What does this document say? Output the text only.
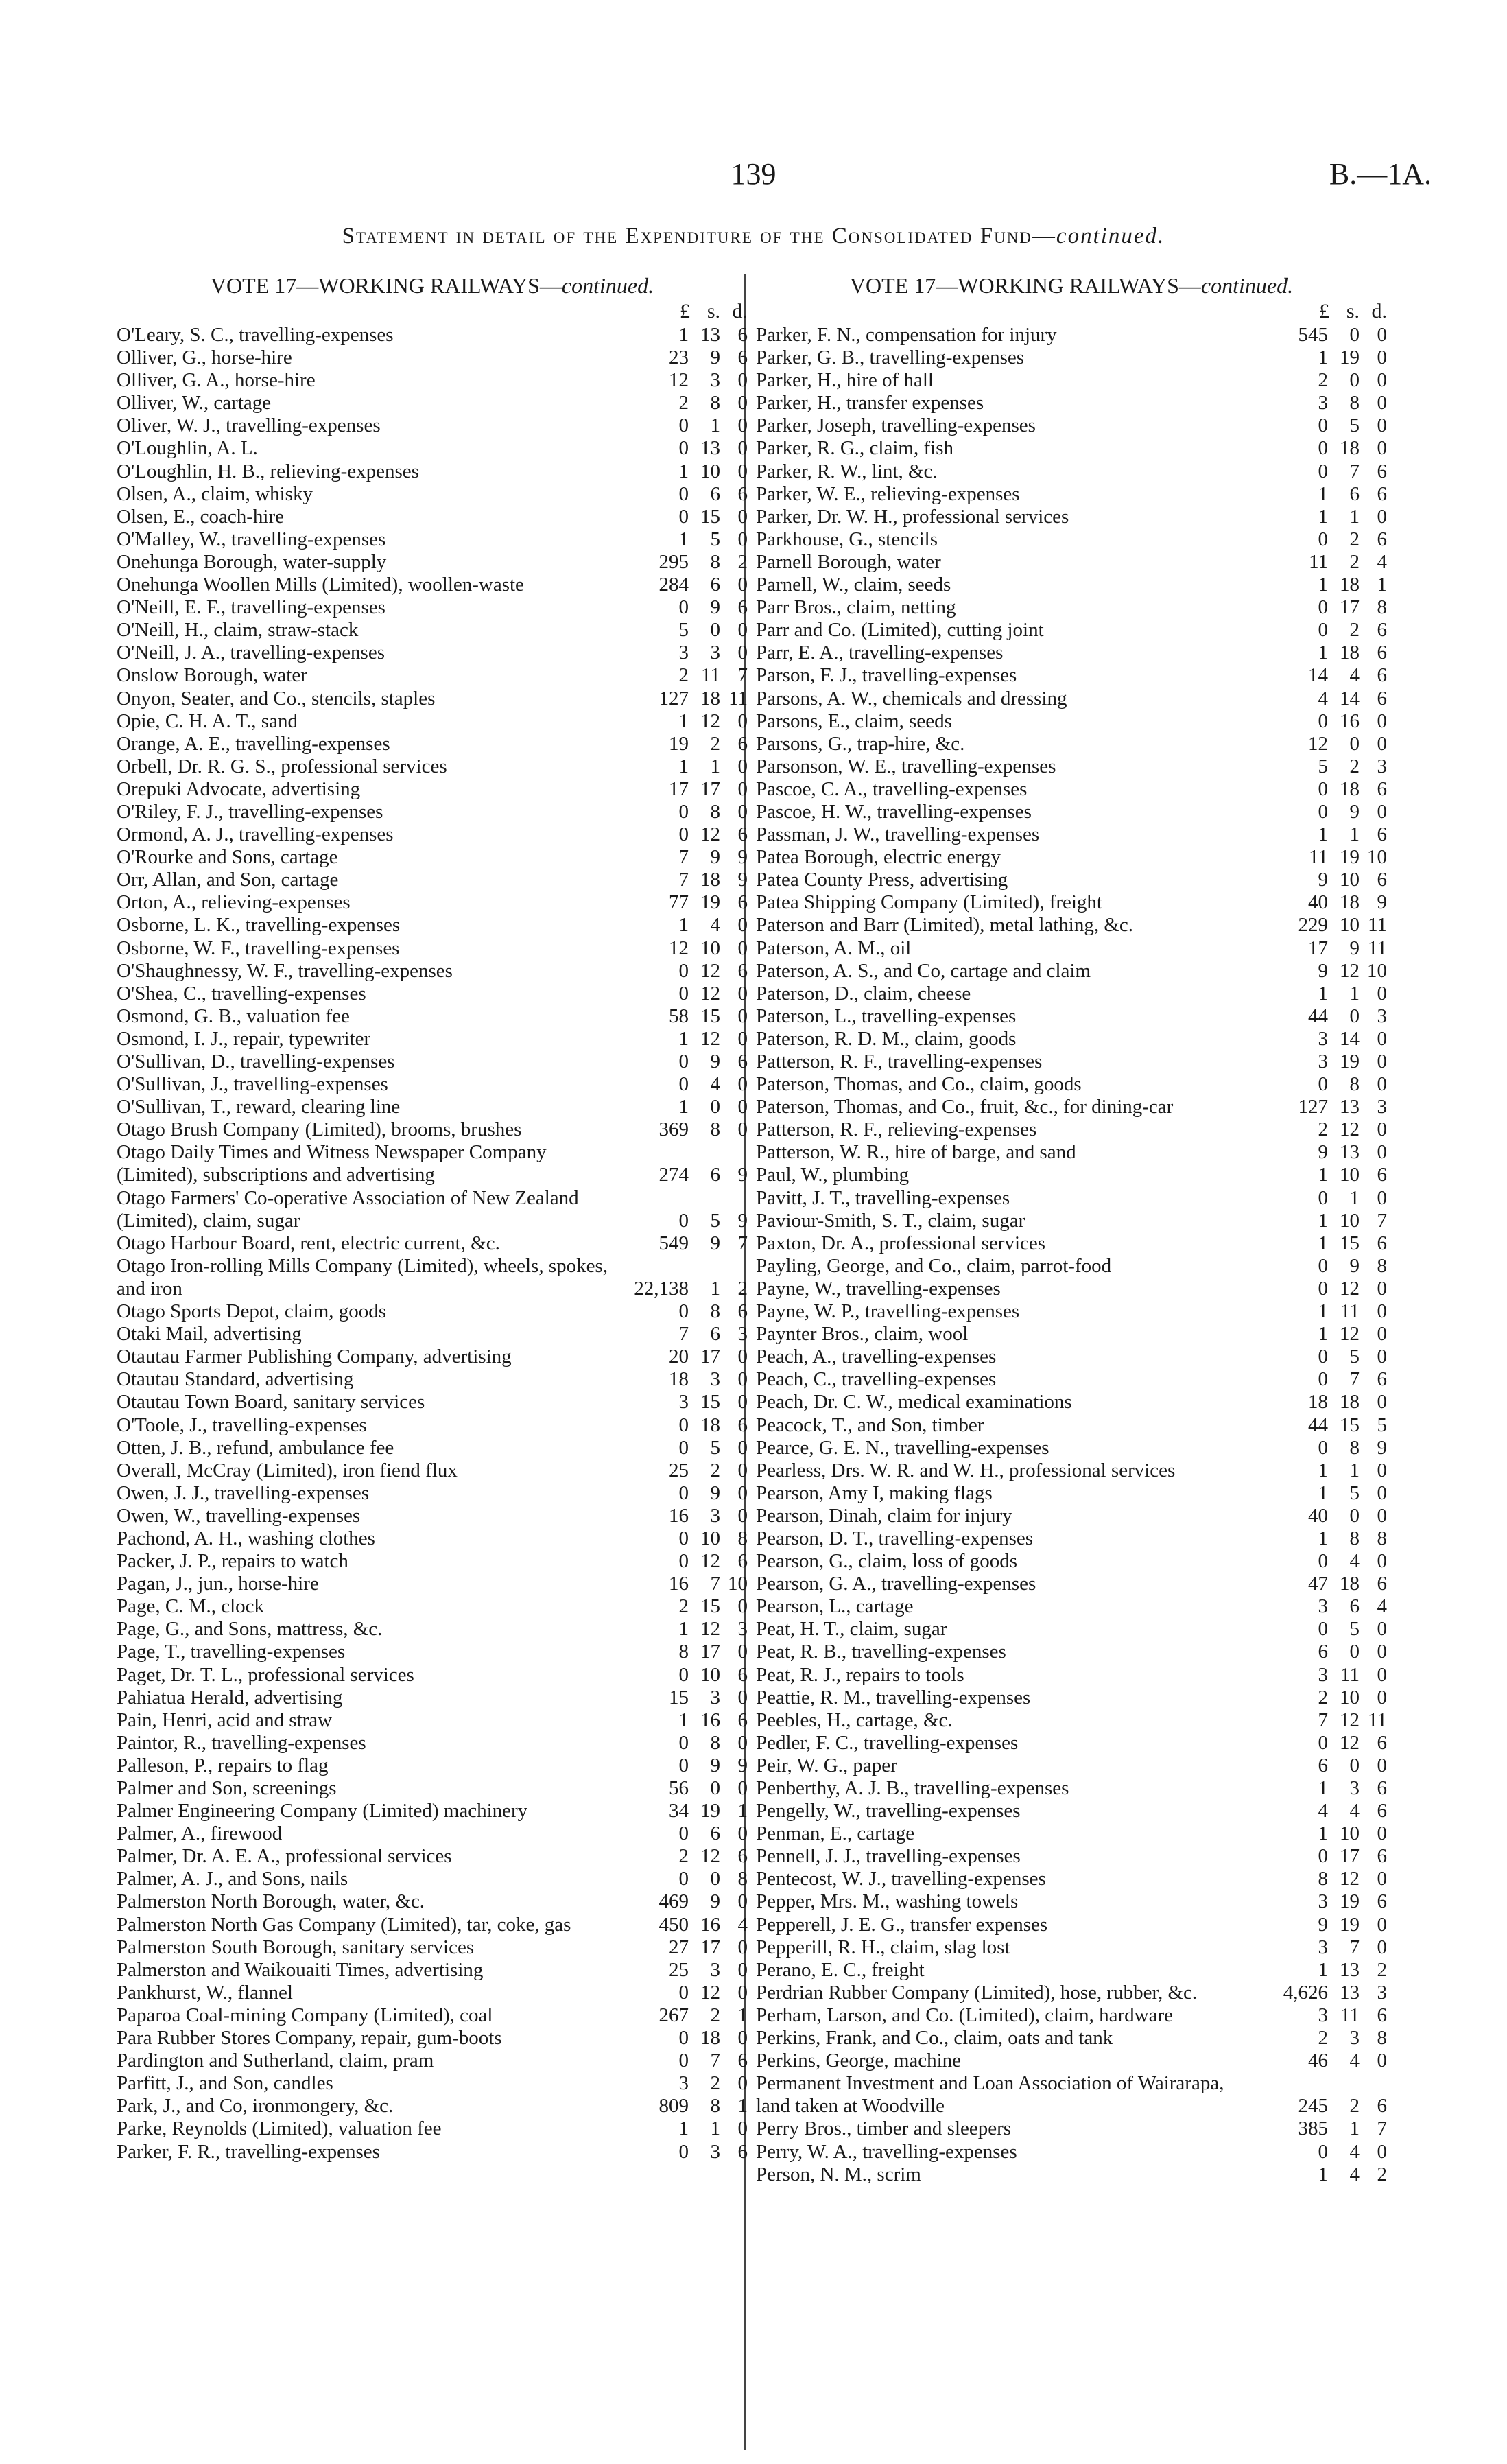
139	B.—1A.
Statement in detail of the Expenditure of the Consolidated Fund—continued.
VOTE 17—WORKING RAILWAYS—continued.
£ s. d.
O'Leary, S. C., travelling-expenses	1	13	6
Olliver, G., horse-hire	23	9	6
Olliver, G. A., horse-hire	12	3	0
Olliver, W., cartage	2	8	0
Oliver, W. J., travelling-expenses	0	1	0
O'Loughlin, A. L.	0	13	0
O'Loughlin, H. B., relieving-expenses	1	10	0
Olsen, A., claim, whisky	0	6	6
Olsen, E., coach-hire	0	15	0
O'Malley, W., travelling-expenses	1	5	0
Onehunga Borough, water-supply	295	8	2
Onehunga Woollen Mills (Limited), woollen-waste	284	6	0
O'Neill, E. F., travelling-expenses	0	9	6
O'Neill, H., claim, straw-stack	5	0	0
O'Neill, J. A., travelling-expenses	3	3	0
Onslow Borough, water	2	11	7
Onyon, Seater, and Co., stencils, staples	127	18	11
Opie, C. H. A. T., sand	1	12	0
Orange, A. E., travelling-expenses	19	2	6
Orbell, Dr. R. G. S., professional services	1	1	0
Orepuki Advocate, advertising	17	17	0
O'Riley, F. J., travelling-expenses	0	8	0
Ormond, A. J., travelling-expenses	0	12	6
O'Rourke and Sons, cartage	7	9	9
Orr, Allan, and Son, cartage	7	18	9
Orton, A., relieving-expenses	77	19	6
Osborne, L. K., travelling-expenses	1	4	0
Osborne, W. F., travelling-expenses	12	10	0
O'Shaughnessy, W. F., travelling-expenses	0	12	6
O'Shea, C., travelling-expenses	0	12	0
Osmond, G. B., valuation fee	58	15	0
Osmond, I. J., repair, typewriter	1	12	0
O'Sullivan, D., travelling-expenses	0	9	6
O'Sullivan, J., travelling-expenses	0	4	0
O'Sullivan, T., reward, clearing line	1	0	0
Otago Brush Company (Limited), brooms, brushes	369	8	0
Otago Daily Times and Witness Newspaper Company (Limited), subscriptions and advertising	274	6	9
Otago Farmers' Co-operative Association of New Zealand (Limited), claim, sugar	0	5	9
Otago Harbour Board, rent, electric current, &c.	549	9	7
Otago Iron-rolling Mills Company (Limited), wheels, spokes, and iron	22,138	1	2
Otago Sports Depot, claim, goods	0	8	6
Otaki Mail, advertising	7	6	3
Otautau Farmer Publishing Company, advertising	20	17	0
Otautau Standard, advertising	18	3	0
Otautau Town Board, sanitary services	3	15	0
O'Toole, J., travelling-expenses	0	18	6
Otten, J. B., refund, ambulance fee	0	5	0
Overall, McCray (Limited), iron fiend flux	25	2	0
Owen, J. J., travelling-expenses	0	9	0
Owen, W., travelling-expenses	16	3	0
Pachond, A. H., washing clothes	0	10	8
Packer, J. P., repairs to watch	0	12	6
Pagan, J., jun., horse-hire	16	7	10
Page, C. M., clock	2	15	0
Page, G., and Sons, mattress, &c.	1	12	3
Page, T., travelling-expenses	8	17	0
Paget, Dr. T. L., professional services	0	10	6
Pahiatua Herald, advertising	15	3	0
Pain, Henri, acid and straw	1	16	6
Paintor, R., travelling-expenses	0	8	0
Palleson, P., repairs to flag	0	9	9
Palmer and Son, screenings	56	0	0
Palmer Engineering Company (Limited) machinery	34	19	1
Palmer, A., firewood	0	6	0
Palmer, Dr. A. E. A., professional services	2	12	6
Palmer, A. J., and Sons, nails	0	0	8
Palmerston North Borough, water, &c.	469	9	0
Palmerston North Gas Company (Limited), tar, coke, gas	450	16	4
Palmerston South Borough, sanitary services	27	17	0
Palmerston and Waikouaiti Times, advertising	25	3	0
Pankhurst, W., flannel	0	12	0
Paparoa Coal-mining Company (Limited), coal	267	2	1
Para Rubber Stores Company, repair, gum-boots	0	18	0
Pardington and Sutherland, claim, pram	0	7	6
Parfitt, J., and Son, candles	3	2	0
Park, J., and Co, ironmongery, &c.	809	8	1
Parke, Reynolds (Limited), valuation fee	1	1	0
Parker, F. R., travelling-expenses	0	3	6
VOTE 17—WORKING RAILWAYS—continued.
£ s. d.
Parker, F. N., compensation for injury	545	0	0
Parker, G. B., travelling-expenses	1	19	0
Parker, H., hire of hall	2	0	0
Parker, H., transfer expenses	3	8	0
Parker, Joseph, travelling-expenses	0	5	0
Parker, R. G., claim, fish	0	18	0
Parker, R. W., lint, &c.	0	7	6
Parker, W. E., relieving-expenses	1	6	6
Parker, Dr. W. H., professional services	1	1	0
Parkhouse, G., stencils	0	2	6
Parnell Borough, water	11	2	4
Parnell, W., claim, seeds	1	18	1
Parr Bros., claim, netting	0	17	8
Parr and Co. (Limited), cutting joint	0	2	6
Parr, E. A., travelling-expenses	1	18	6
Parson, F. J., travelling-expenses	14	4	6
Parsons, A. W., chemicals and dressing	4	14	6
Parsons, E., claim, seeds	0	16	0
Parsons, G., trap-hire, &c.	12	0	0
Parsonson, W. E., travelling-expenses	5	2	3
Pascoe, C. A., travelling-expenses	0	18	6
Pascoe, H. W., travelling-expenses	0	9	0
Passman, J. W., travelling-expenses	1	1	6
Patea Borough, electric energy	11	19	10
Patea County Press, advertising	9	10	6
Patea Shipping Company (Limited), freight	40	18	9
Paterson and Barr (Limited), metal lathing, &c.	229	10	11
Paterson, A. M., oil	17	9	11
Paterson, A. S., and Co, cartage and claim	9	12	10
Paterson, D., claim, cheese	1	1	0
Paterson, L., travelling-expenses	44	0	3
Paterson, R. D. M., claim, goods	3	14	0
Patterson, R. F., travelling-expenses	3	19	0
Paterson, Thomas, and Co., claim, goods	0	8	0
Paterson, Thomas, and Co., fruit, &c., for dining-car	127	13	3
Patterson, R. F., relieving-expenses	2	12	0
Patterson, W. R., hire of barge, and sand	9	13	0
Paul, W., plumbing	1	10	6
Pavitt, J. T., travelling-expenses	0	1	0
Paviour-Smith, S. T., claim, sugar	1	10	7
Paxton, Dr. A., professional services	1	15	6
Payling, George, and Co., claim, parrot-food	0	9	8
Payne, W., travelling-expenses	0	12	0
Payne, W. P., travelling-expenses	1	11	0
Paynter Bros., claim, wool	1	12	0
Peach, A., travelling-expenses	0	5	0
Peach, C., travelling-expenses	0	7	6
Peach, Dr. C. W., medical examinations	18	18	0
Peacock, T., and Son, timber	44	15	5
Pearce, G. E. N., travelling-expenses	0	8	9
Pearless, Drs. W. R. and W. H., professional services	1	1	0
Pearson, Amy I, making flags	1	5	0
Pearson, Dinah, claim for injury	40	0	0
Pearson, D. T., travelling-expenses	1	8	8
Pearson, G., claim, loss of goods	0	4	0
Pearson, G. A., travelling-expenses	47	18	6
Pearson, L., cartage	3	6	4
Peat, H. T., claim, sugar	0	5	0
Peat, R. B., travelling-expenses	6	0	0
Peat, R. J., repairs to tools	3	11	0
Peattie, R. M., travelling-expenses	2	10	0
Peebles, H., cartage, &c.	7	12	11
Pedler, F. C., travelling-expenses	0	12	6
Peir, W. G., paper	6	0	0
Penberthy, A. J. B., travelling-expenses	1	3	6
Pengelly, W., travelling-expenses	4	4	6
Penman, E., cartage	1	10	0
Pennell, J. J., travelling-expenses	0	17	6
Pentecost, W. J., travelling-expenses	8	12	0
Pepper, Mrs. M., washing towels	3	19	6
Pepperell, J. E. G., transfer expenses	9	19	0
Pepperill, R. H., claim, slag lost	3	7	0
Perano, E. C., freight	1	13	2
Perdrian Rubber Company (Limited), hose, rubber, &c.	4,626	13	3
Perham, Larson, and Co. (Limited), claim, hardware	3	11	6
Perkins, Frank, and Co., claim, oats and tank	2	3	8
Perkins, George, machine	46	4	0
Permanent Investment and Loan Association of Wairarapa, land taken at Woodville	245	2	6
Perry Bros., timber and sleepers	385	1	7
Perry, W. A., travelling-expenses	0	4	0
Person, N. M., scrim	1	4	2
